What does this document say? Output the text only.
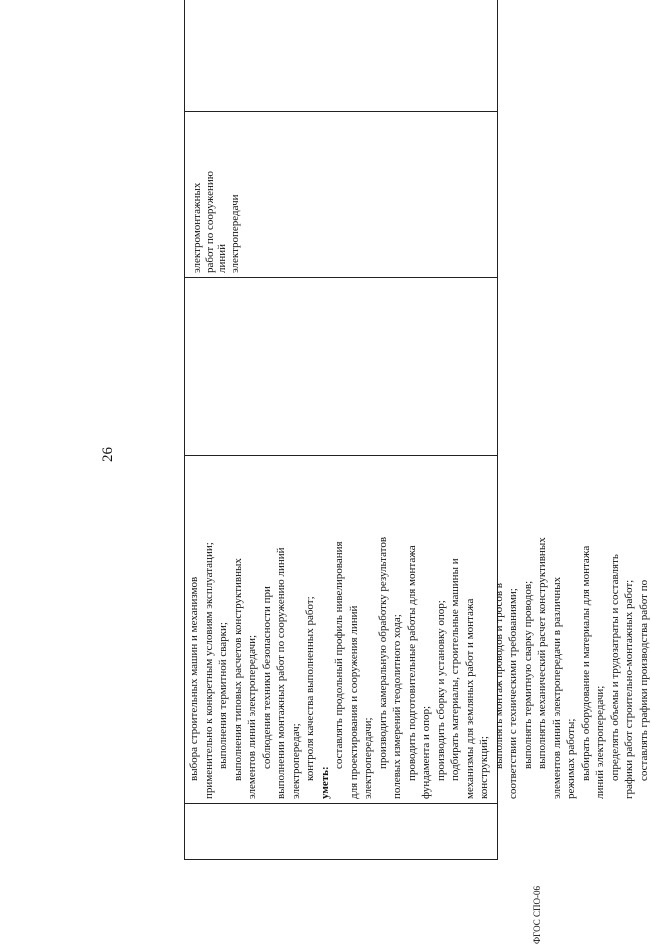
26
выбора строительных машин и механизмов применительно к конкретным условиям эксплуатации; выполнения термитной сварки; выполнения типовых расчетов конструктивных элементов линий электропередачи; соблюдения техники безопасности при выполнении монтажных работ по сооружению линий электропередач; контроля качества выполненных работ;
уметь:
составлять продольный профиль нивелирования для проектирования и сооружения линий электропередачи; производить камеральную обработку результатов полевых измерений теодолитного хода; проводить подготовительные работы для монтажа фундамента и опор; производить сборку и установку опор; подбирать материалы, строительные машины и механизмы для земляных работ и монтажа конструкций; выполнять монтаж проводов и тросов в соответствии с техническими требованиями; выполнять термитную сварку проводов; выполнять механический расчет конструктивных элементов линий электропередачи в различных режимах работы; выбирать оборудование и материалы для монтажа линий электропередачи; определять объемы и трудозатраты и составлять графики работ строительно-монтажных работ; составлять графики производства работ по
электромонтажных работ по сооружению линий электропередачи
ФГОС СПО-06
